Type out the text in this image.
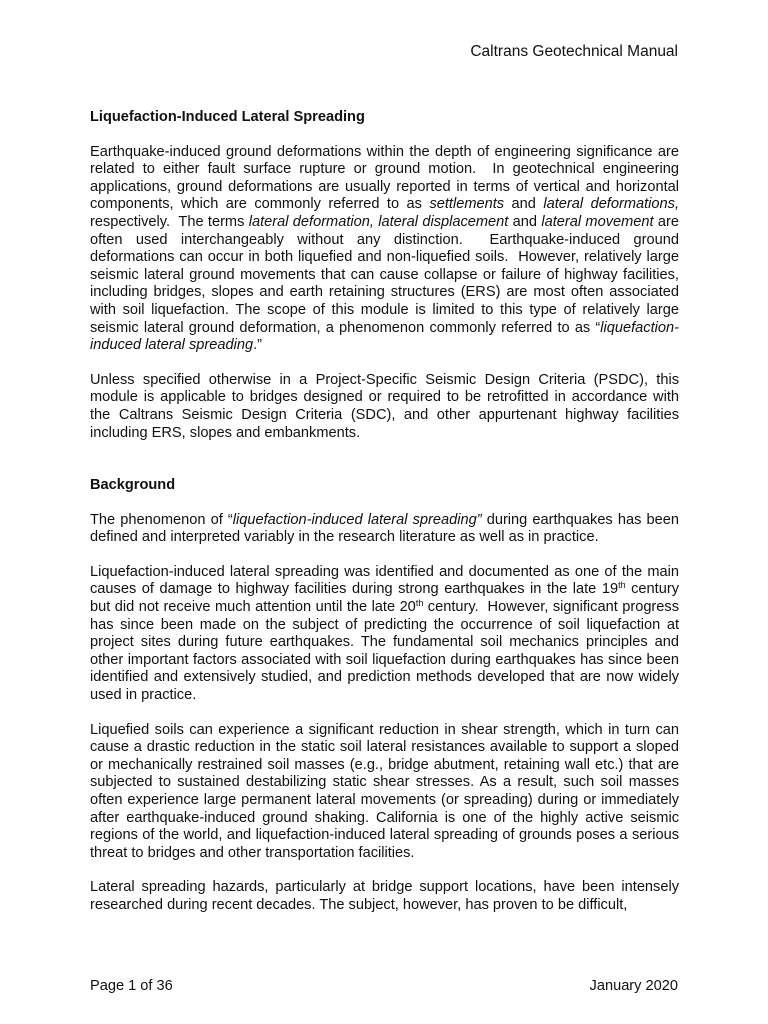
Caltrans Geotechnical Manual
Liquefaction-Induced Lateral Spreading

Earthquake-induced ground deformations within the depth of engineering significance are related to either fault surface rupture or ground motion.  In geotechnical engineering applications, ground deformations are usually reported in terms of vertical and horizontal components, which are commonly referred to as settlements and lateral deformations, respectively.  The terms lateral deformation, lateral displacement and lateral movement are often used interchangeably without any distinction.  Earthquake-induced ground deformations can occur in both liquefied and non-liquefied soils.  However, relatively large seismic lateral ground movements that can cause collapse or failure of highway facilities, including bridges, slopes and earth retaining structures (ERS) are most often associated with soil liquefaction. The scope of this module is limited to this type of relatively large seismic lateral ground deformation, a phenomenon commonly referred to as “liquefaction-induced lateral spreading.”

Unless specified otherwise in a Project-Specific Seismic Design Criteria (PSDC), this module is applicable to bridges designed or required to be retrofitted in accordance with the Caltrans Seismic Design Criteria (SDC), and other appurtenant highway facilities including ERS, slopes and embankments.

Background

The phenomenon of “liquefaction-induced lateral spreading” during earthquakes has been defined and interpreted variably in the research literature as well as in practice.

Liquefaction-induced lateral spreading was identified and documented as one of the main causes of damage to highway facilities during strong earthquakes in the late 19th century but did not receive much attention until the late 20th century.  However, significant progress has since been made on the subject of predicting the occurrence of soil liquefaction at project sites during future earthquakes. The fundamental soil mechanics principles and other important factors associated with soil liquefaction during earthquakes has since been identified and extensively studied, and prediction methods developed that are now widely used in practice.

Liquefied soils can experience a significant reduction in shear strength, which in turn can cause a drastic reduction in the static soil lateral resistances available to support a sloped or mechanically restrained soil masses (e.g., bridge abutment, retaining wall etc.) that are subjected to sustained destabilizing static shear stresses. As a result, such soil masses often experience large permanent lateral movements (or spreading) during or immediately after earthquake-induced ground shaking. California is one of the highly active seismic regions of the world, and liquefaction-induced lateral spreading of grounds poses a serious threat to bridges and other transportation facilities.

Lateral spreading hazards, particularly at bridge support locations, have been intensely researched during recent decades. The subject, however, has proven to be difficult,

Page 1 of 36	January 2020
